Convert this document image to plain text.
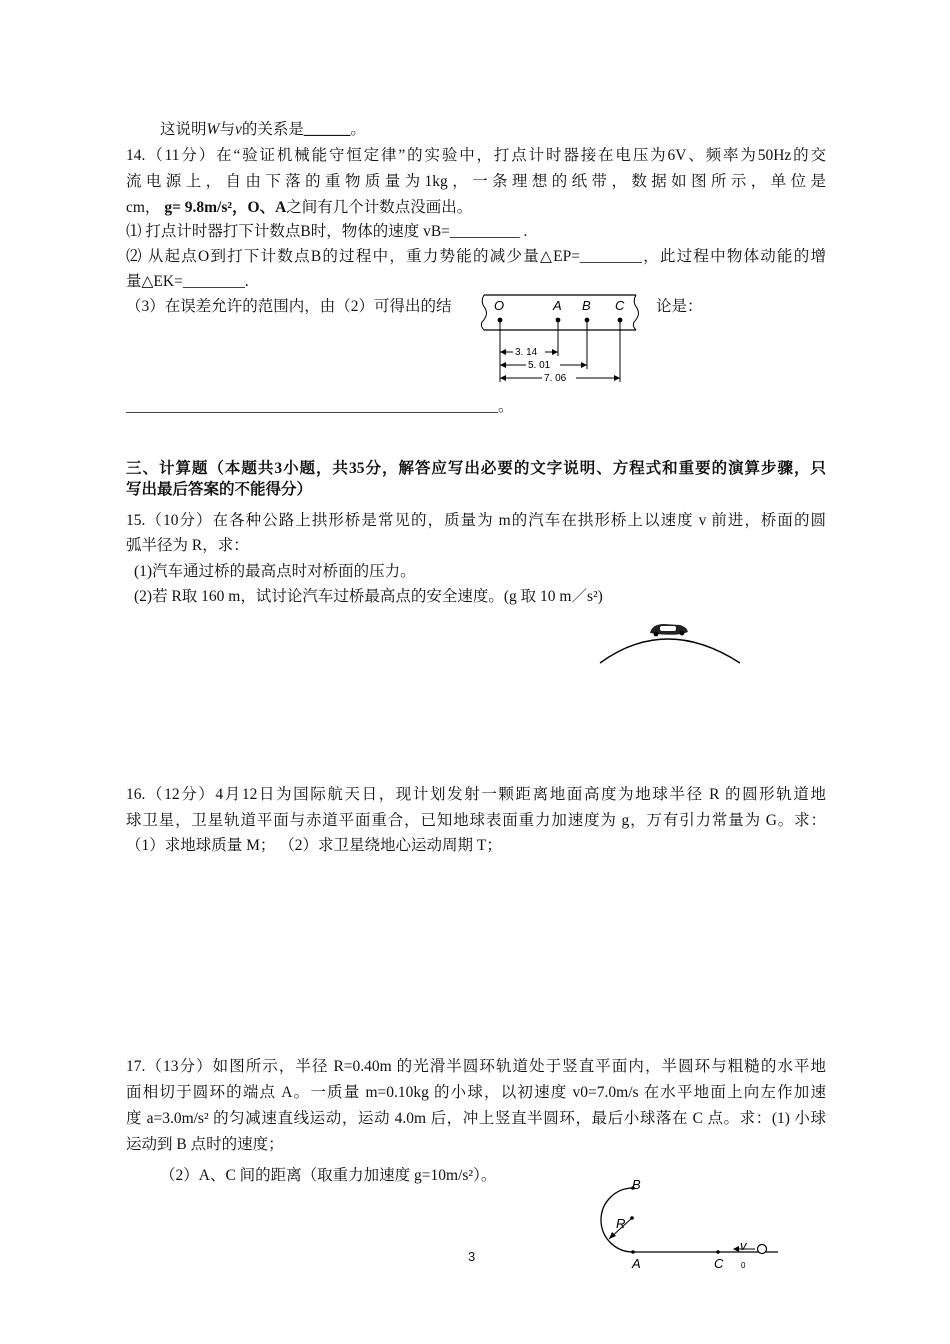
这说明W与v的关系是______。
14.（11分）在“验证机械能守恒定律”的实验中，打点计时器接在电压为6V、频率为50Hz的交
流电源上，自由下落的重物质量为1kg，一条理想的纸带，数据如图所示，单位是
cm， g= 9.8m/s²，O、A之间有几个计数点没画出。
⑴ 打点计时器打下计数点B时，物体的速度 vB=_________ .
⑵ 从起点O到打下计数点B的过程中，重力势能的减少量△EP=________，此过程中物体动能的增
量△EK=________.
（3）在误差允许的范围内，由（2）可得出的结	论是：
________________________________________________。
O	A B C
3. 14
5. 01
7. 06
三、计算题（本题共3小题，共35分，解答应写出必要的文字说明、方程式和重要的演算步骤，只
写出最后答案的不能得分）
15.（10分）在各种公路上拱形桥是常见的，质量为 m的汽车在拱形桥上以速度 v 前进，桥面的圆
弧半径为 R，求：
(1)汽车通过桥的最高点时对桥面的压力。
(2)若 R取 160 m，试讨论汽车过桥最高点的安全速度。(g 取 10 m／s²)
16.（12分）4月12日为国际航天日，现计划发射一颗距离地面高度为地球半径 R 的圆形轨道地
球卫星，卫星轨道平面与赤道平面重合，已知地球表面重力加速度为 g，万有引力常量为 G。求：
（1）求地球质量 M； （2）求卫星绕地心运动周期 T；
17.（13分）如图所示，半径 R=0.40m 的光滑半圆环轨道处于竖直平面内，半圆环与粗糙的水平地
面相切于圆环的端点 A。一质量 m=0.10kg 的小球，以初速度 v0=7.0m/s 在水平地面上向左作加速
度 a=3.0m/s² 的匀减速直线运动，运动 4.0m 后，冲上竖直半圆环，最后小球落在 C 点。求：(1) 小球
运动到 B 点时的速度；
（2）A、C 间的距离（取重力加速度 g=10m/s²）。
B
R
A	C
v
0
3
